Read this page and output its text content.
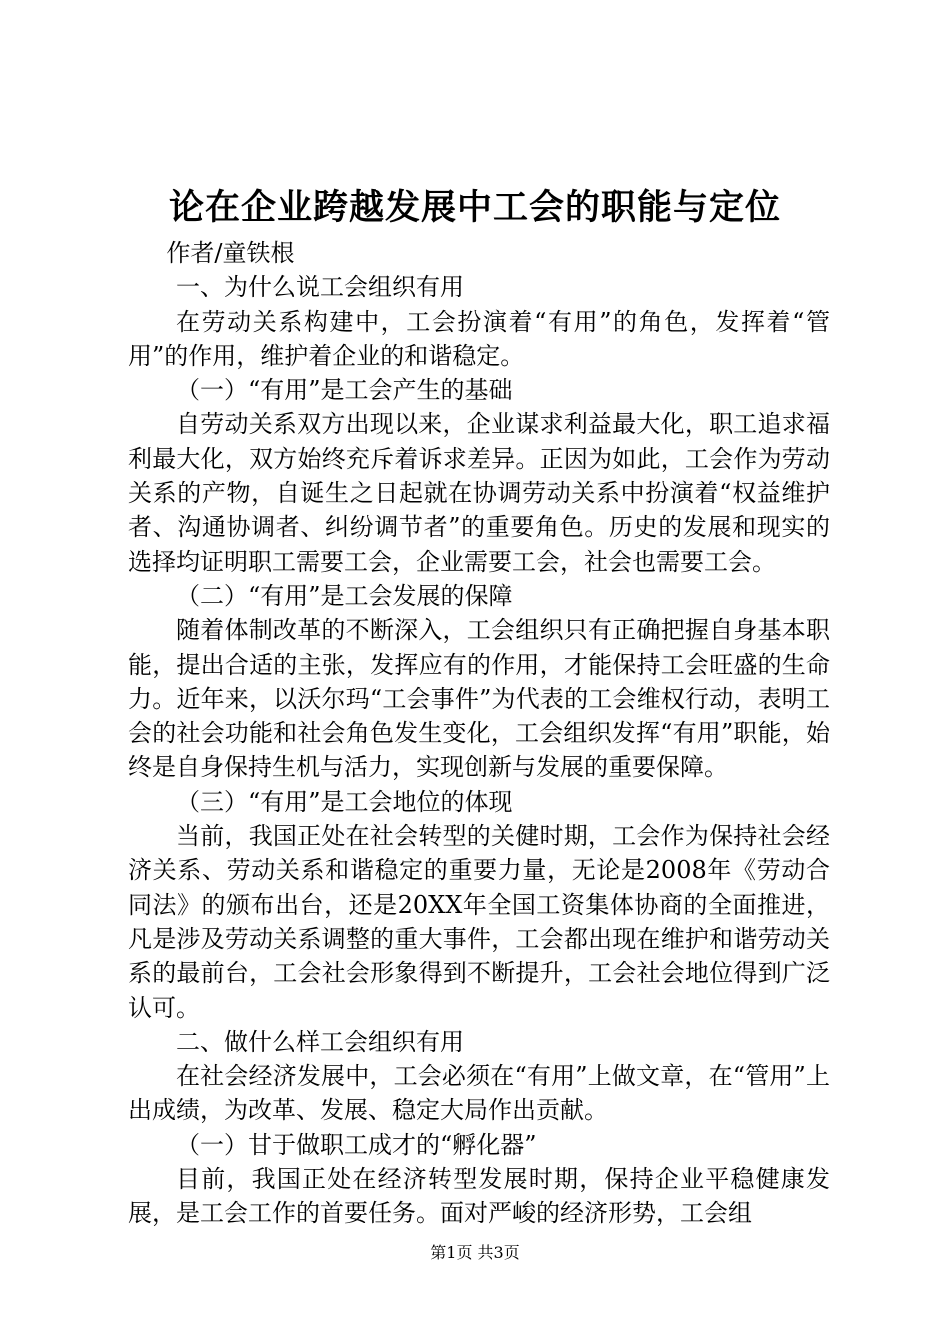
论在企业跨越发展中工会的职能与定位

作者/童铁根

一、为什么说工会组织有用

在劳动关系构建中，工会扮演着“有用”的角色，发挥着“管用”的作用，维护着企业的和谐稳定。

（一）“有用”是工会产生的基础

自劳动关系双方出现以来，企业谋求利益最大化，职工追求福利最大化，双方始终充斥着诉求差异。正因为如此，工会作为劳动关系的产物，自诞生之日起就在协调劳动关系中扮演着“权益维护者、沟通协调者、纠纷调节者”的重要角色。历史的发展和现实的选择均证明职工需要工会，企业需要工会，社会也需要工会。

（二）“有用”是工会发展的保障

随着体制改革的不断深入，工会组织只有正确把握自身基本职能，提出合适的主张，发挥应有的作用，才能保持工会旺盛的生命力。近年来，以沃尔玛“工会事件”为代表的工会维权行动，表明工会的社会功能和社会角色发生变化，工会组织发挥“有用”职能，始终是自身保持生机与活力，实现创新与发展的重要保障。

（三）“有用”是工会地位的体现

当前，我国正处在社会转型的关健时期，工会作为保持社会经济关系、劳动关系和谐稳定的重要力量，无论是2008年《劳动合同法》的颁布出台，还是20XX年全国工资集体协商的全面推进，凡是涉及劳动关系调整的重大事件，工会都出现在维护和谐劳动关系的最前台，工会社会形象得到不断提升，工会社会地位得到广泛认可。

二、做什么样工会组织有用

在社会经济发展中，工会必须在“有用”上做文章，在“管用”上出成绩，为改革、发展、稳定大局作出贡献。

（一）甘于做职工成才的“孵化器”

目前，我国正处在经济转型发展时期，保持企业平稳健康发展，是工会工作的首要任务。面对严峻的经济形势，工会组

第1页 共3页
